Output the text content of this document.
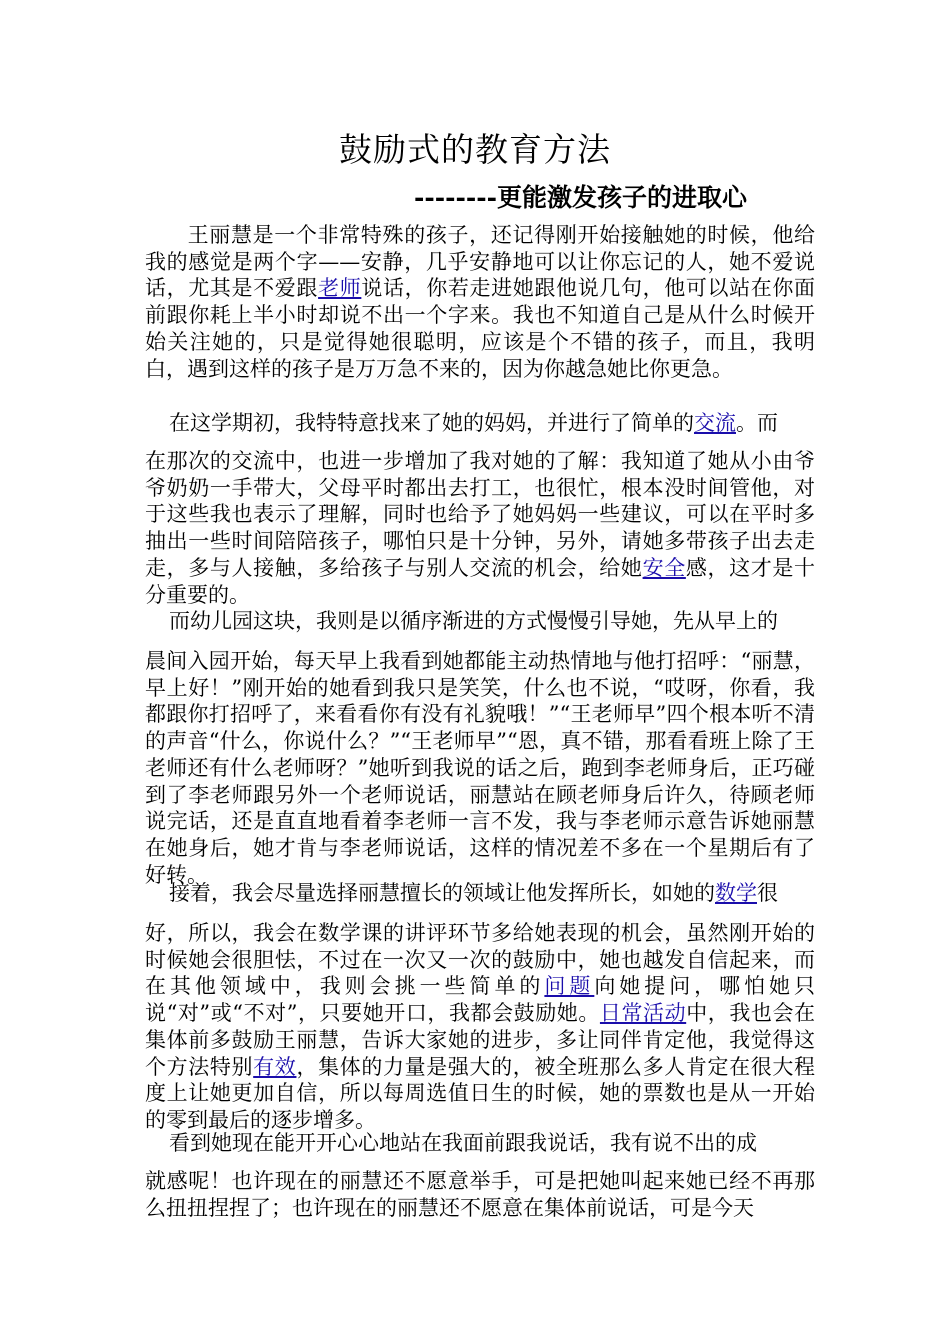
鼓励式的教育方法
--------更能激发孩子的进取心

王丽慧是一个非常特殊的孩子，还记得刚开始接触她的时候，他给我的感觉是两个字——安静，几乎安静地可以让你忘记的人，她不爱说话，尤其是不爱跟老师说话，你若走进她跟他说几句，他可以站在你面前跟你耗上半小时却说不出一个字来。我也不知道自己是从什么时候开始关注她的，只是觉得她很聪明，应该是个不错的孩子，而且，我明白，遇到这样的孩子是万万急不来的，因为你越急她比你更急。

在这学期初，我特特意找来了她的妈妈，并进行了简单的交流。而

在那次的交流中，也进一步增加了我对她的了解：我知道了她从小由爷爷奶奶一手带大，父母平时都出去打工，也很忙，根本没时间管他，对于这些我也表示了理解，同时也给予了她妈妈一些建议，可以在平时多抽出一些时间陪陪孩子，哪怕只是十分钟，另外，请她多带孩子出去走走，多与人接触，多给孩子与别人交流的机会，给她安全感，这才是十分重要的。

而幼儿园这块，我则是以循序渐进的方式慢慢引导她，先从早上的

晨间入园开始，每天早上我看到她都能主动热情地与他打招呼：“丽慧，早上好！”刚开始的她看到我只是笑笑，什么也不说，“哎呀，你看，我都跟你打招呼了，来看看你有没有礼貌哦！”“王老师早”四个根本听不清的声音“什么，你说什么？”“王老师早”“恩，真不错，那看看班上除了王老师还有什么老师呀？”她听到我说的话之后，跑到李老师身后，正巧碰到了李老师跟另外一个老师说话，丽慧站在顾老师身后许久，待顾老师说完话，还是直直地看着李老师一言不发，我与李老师示意告诉她丽慧在她身后，她才肯与李老师说话，这样的情况差不多在一个星期后有了好转。

接着，我会尽量选择丽慧擅长的领域让他发挥所长，如她的数学很

好，所以，我会在数学课的讲评环节多给她表现的机会，虽然刚开始的时候她会很胆怯，不过在一次又一次的鼓励中，她也越发自信起来，而在其他领域中，我则会挑一些简单的问题向她提问，哪怕她只说“对”或“不对”，只要她开口，我都会鼓励她。日常活动中，我也会在集体前多鼓励王丽慧，告诉大家她的进步，多让同伴肯定他，我觉得这个方法特别有效，集体的力量是强大的，被全班那么多人肯定在很大程度上让她更加自信，所以每周选值日生的时候，她的票数也是从一开始的零到最后的逐步增多。

看到她现在能开开心心地站在我面前跟我说话，我有说不出的成

就感呢！也许现在的丽慧还不愿意举手，可是把她叫起来她已经不再那么扭扭捏捏了；也许现在的丽慧还不愿意在集体前说话，可是今天
